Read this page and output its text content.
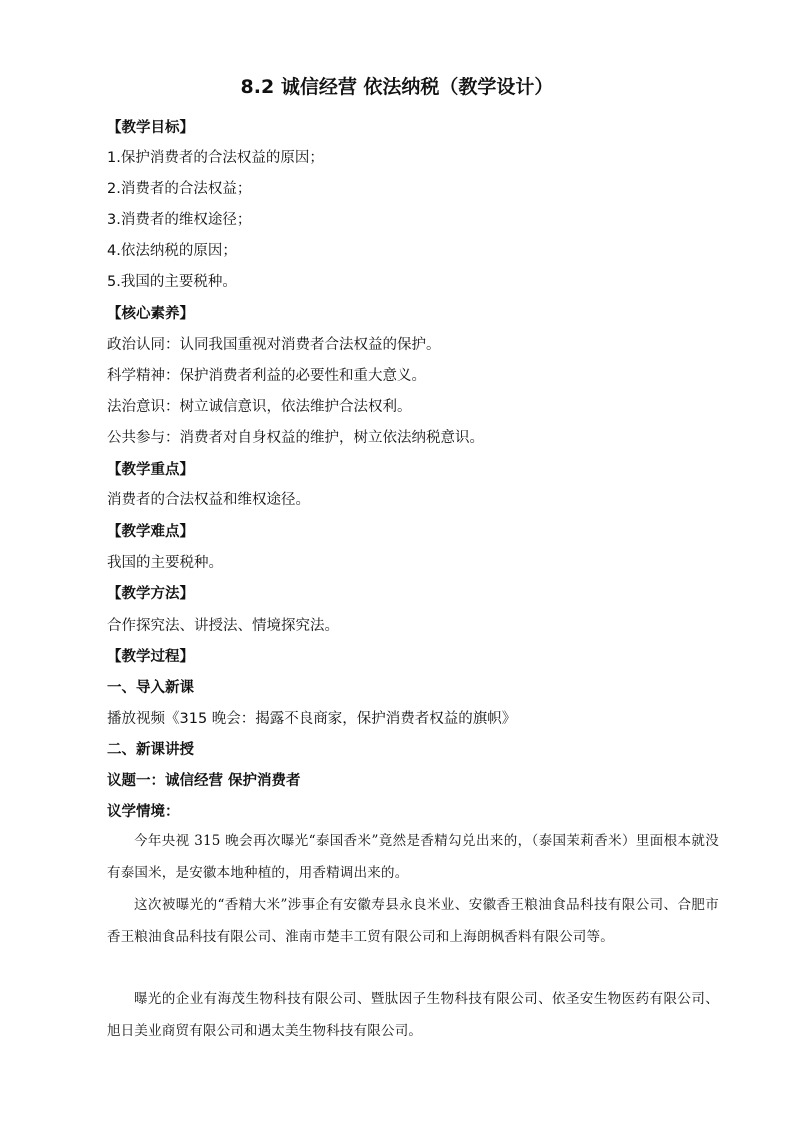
8.2 诚信经营 依法纳税（教学设计）
【教学目标】
1.保护消费者的合法权益的原因；
2.消费者的合法权益；
3.消费者的维权途径；
4.依法纳税的原因；
5.我国的主要税种。
【核心素养】
政治认同：认同我国重视对消费者合法权益的保护。
科学精神：保护消费者利益的必要性和重大意义。
法治意识：树立诚信意识，依法维护合法权利。
公共参与：消费者对自身权益的维护，树立依法纳税意识。
【教学重点】
消费者的合法权益和维权途径。
【教学难点】
我国的主要税种。
【教学方法】
合作探究法、讲授法、情境探究法。
【教学过程】
一、导入新课
播放视频《315 晚会：揭露不良商家，保护消费者权益的旗帜》
二、新课讲授
议题一：诚信经营 保护消费者
议学情境：
今年央视 315 晚会再次曝光“泰国香米”竟然是香精勾兑出来的，（泰国茉莉香米）里面根本就没有泰国米，是安徽本地种植的，用香精调出来的。
这次被曝光的“香精大米”涉事企有安徽寿县永良米业、安徽香王粮油食品科技有限公司、合肥市香王粮油食品科技有限公司、淮南市楚丰工贸有限公司和上海朗枫香料有限公司等。
曝光的企业有海茂生物科技有限公司、暨肽因子生物科技有限公司、依圣安生物医药有限公司、旭日美业商贸有限公司和遇太美生物科技有限公司。
